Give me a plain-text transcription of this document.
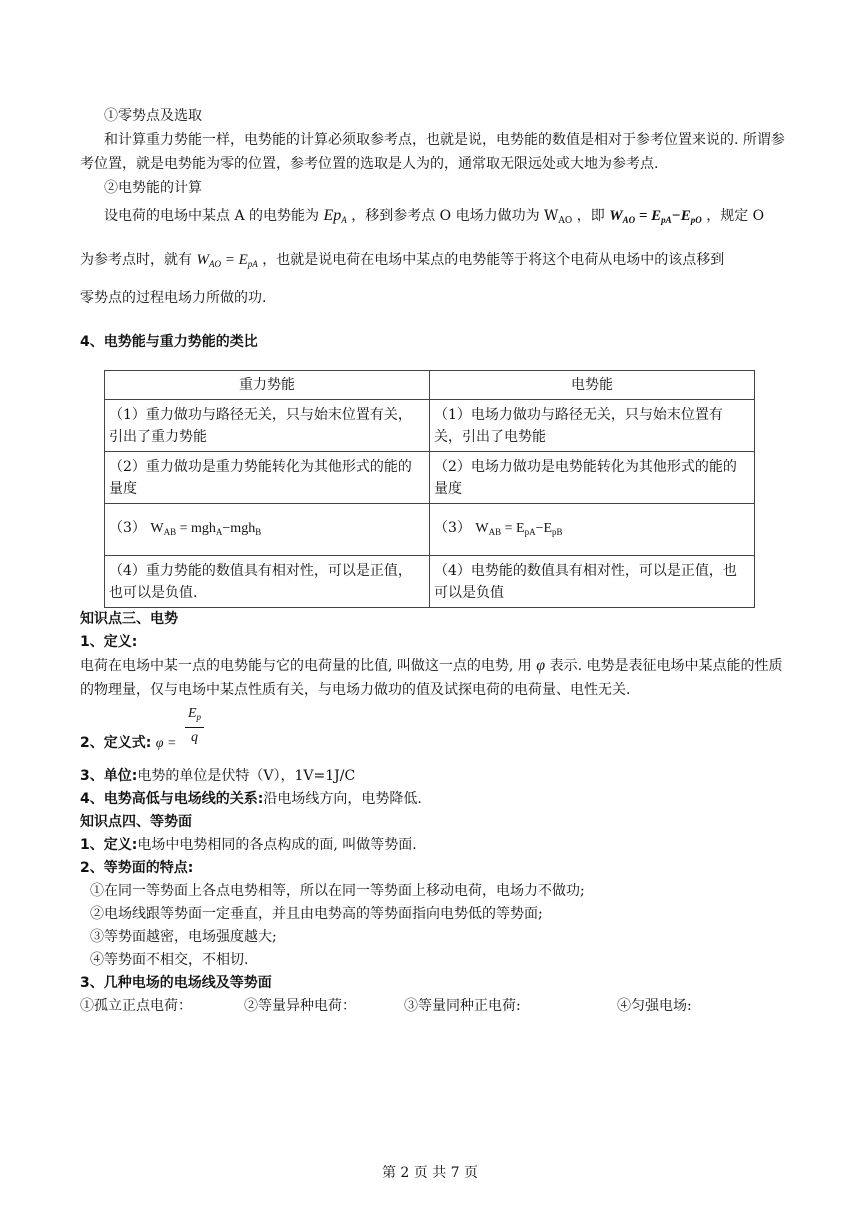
①零势点及选取
和计算重力势能一样，电势能的计算必须取参考点，也就是说，电势能的数值是相对于参考位置来说的. 所谓参考位置，就是电势能为零的位置，参考位置的选取是人为的，通常取无限远处或大地为参考点.
②电势能的计算
设电荷的电场中某点 A 的电势能为 $Ep_A$ ，移到参考点 O 电场力做功为 $W_{AO}$ ，即 $W_{AO} = E_{pA}-E_{pO}$ ，规定 O
为参考点时，就有 $W_{AO} = E_{pA}$ ，也就是说电荷在电场中某点的电势能等于将这个电荷从电场中的该点移到
零势点的过程电场力所做的功.
4、电势能与重力势能的类比
重力势能	电势能
（1）重力做功与路径无关，只与始末位置有关，引出了重力势能	（1）电场力做功与路径无关，只与始末位置有关，引出了电势能
（2）重力做功是重力势能转化为其他形式的能的量度	（2）电场力做功是电势能转化为其他形式的能的量度
（3） $W_{AB} = mgh_A-mgh_B$	（3） $W_{AB} = E_{pA}-E_{pB}$
（4）重力势能的数值具有相对性，可以是正值，也可以是负值.	（4）电势能的数值具有相对性，可以是正值，也可以是负值
知识点三、电势
1、定义:
电荷在电场中某一点的电势能与它的电荷量的比值, 叫做这一点的电势, 用 φ 表示. 电势是表征电场中某点能的性质的物理量，仅与电场中某点性质有关，与电场力做功的值及试探电荷的电荷量、电性无关.
2、定义式: $\varphi = \frac{E_p}{q}$
3、单位:电势的单位是伏特（V），1V=1J/C
4、电势高低与电场线的关系:沿电场线方向，电势降低.
知识点四、等势面
1、定义:电场中电势相同的各点构成的面, 叫做等势面.
2、等势面的特点:
①在同一等势面上各点电势相等，所以在同一等势面上移动电荷，电场力不做功;
②电场线跟等势面一定垂直，并且由电势高的等势面指向电势低的等势面;
③等势面越密，电场强度越大;
④等势面不相交，不相切.
3、几种电场的电场线及等势面
①孤立正点电荷：	②等量异种电荷：	③等量同种正电荷:	④匀强电场:
第 2 页 共 7 页
